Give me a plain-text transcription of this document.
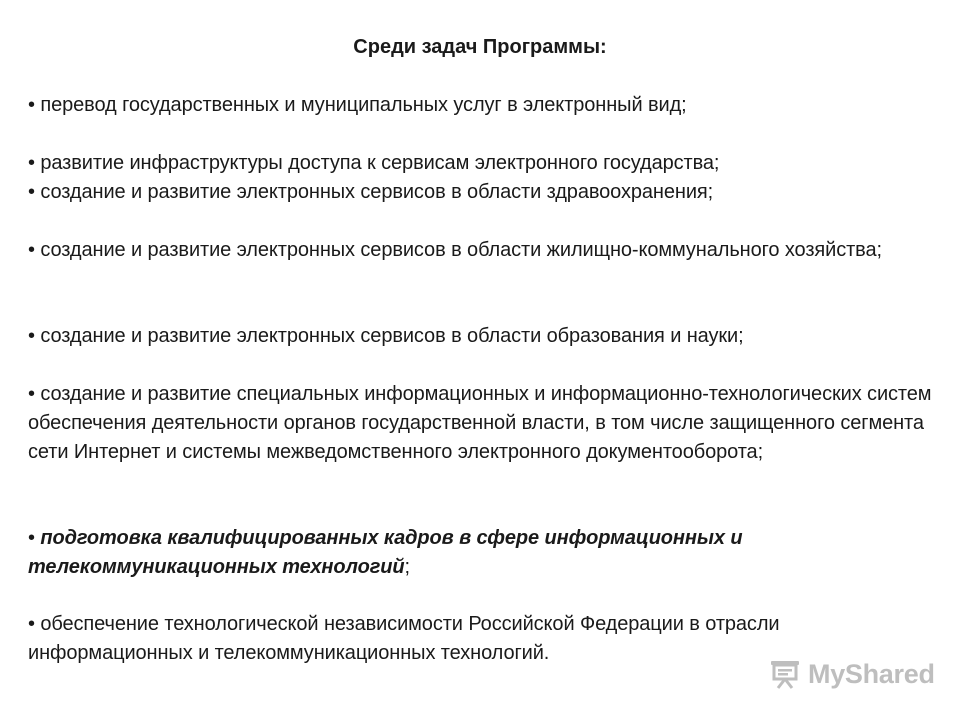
Среди задач Программы:
• перевод государственных и муниципальных услуг в электронный вид;
• развитие инфраструктуры доступа к сервисам электронного государства;
• создание и развитие электронных сервисов в области здравоохранения;
• создание и развитие электронных сервисов в области жилищно-коммунального хозяйства;
• создание и развитие электронных сервисов в области образования и науки;
• создание и развитие специальных информационных и информационно-технологических систем обеспечения деятельности органов государственной власти, в том числе защищенного сегмента сети Интернет и системы межведомственного электронного документооборота;
• подготовка квалифицированных кадров в сфере информационных и телекоммуникационных технологий;
• обеспечение технологической независимости Российской Федерации в отрасли информационных и телекоммуникационных технологий.
MyShared
